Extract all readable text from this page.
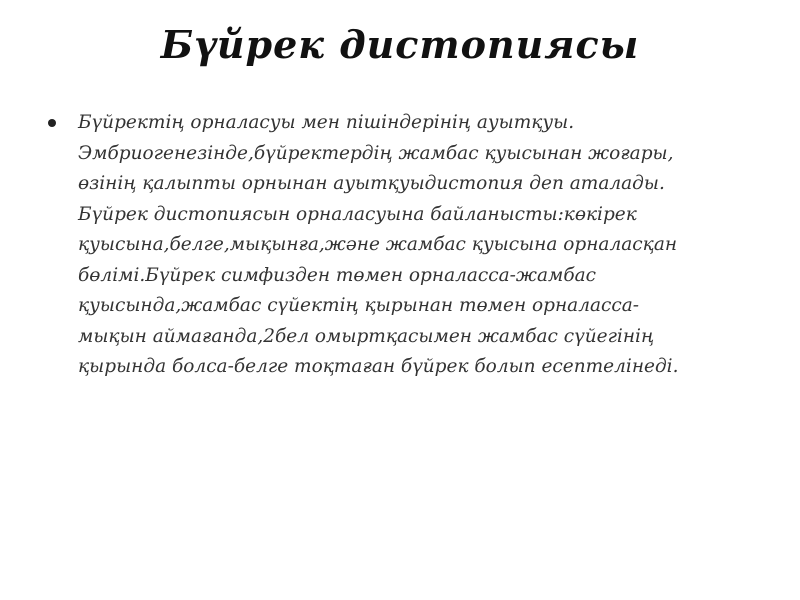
Бүйрек дистопиясы

Бүйректің орналасуы мен пішіндерінің ауытқуы.
Эмбриогенезінде,бүйректердің жамбас қуысынан жоғары,
өзінің қалыпты орнынан ауытқуыдистопия деп аталады.
Бүйрек дистопиясын орналасуына байланысты:көкірек
қуысына,белге,мықынға,және жамбас қуысына орналасқан
бөлімі.Бүйрек симфизден төмен орналасса-жамбас
қуысында,жамбас сүйектің қырынан төмен орналасса-
мықын аймағанда,2бел омыртқасымен жамбас сүйегінің
қырында болса-белге тоқтаған бүйрек болып есептелінеді.
